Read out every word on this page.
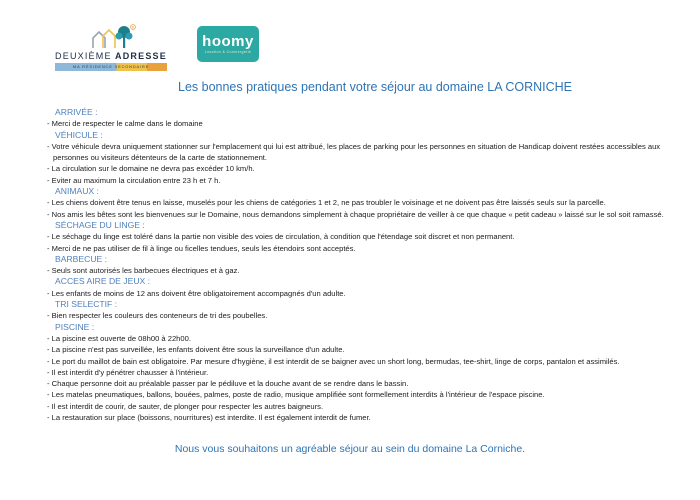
R
DEUXIÈME ADRESSE
MA RÉSIDENCE SECONDAIRE
hoomy
Location & Conciergerie
Les bonnes pratiques pendant votre séjour au domaine LA CORNICHE
ARRIVÉE :
- Merci de respecter le calme dans le domaine
VÉHICULE :
- Votre véhicule devra uniquement stationner sur l'emplacement qui lui est attribué, les places de parking pour les personnes en situation de Handicap doivent restées accessibles aux personnes ou visiteurs détenteurs de la carte de stationnement.
- La circulation sur le domaine ne devra pas excéder 10 km/h.
- Eviter au maximum la circulation entre 23 h et 7 h.
ANIMAUX :
- Les chiens doivent être tenus en laisse, muselés pour les chiens de catégories 1 et 2, ne pas troubler le voisinage et ne doivent pas être laissés seuls sur la parcelle.
- Nos amis les bêtes sont les bienvenues sur le Domaine, nous demandons simplement à chaque propriétaire de veiller à ce que chaque « petit cadeau » laissé sur le sol soit ramassé.
SÉCHAGE DU LINGE :
- Le séchage du linge est toléré dans la partie non visible des voies de circulation, à condition que l'étendage soit discret et non permanent.
- Merci de ne pas utiliser de fil à linge ou ficelles tendues, seuls les étendoirs sont acceptés.
BARBECUE :
- Seuls sont autorisés les barbecues électriques et à gaz.
ACCES AIRE DE JEUX :
- Les enfants de moins de 12 ans doivent être obligatoirement accompagnés d'un adulte.
TRI SELECTIF :
- Bien respecter les couleurs des conteneurs de tri des poubelles.
PISCINE :
- La piscine est ouverte de 08h00 à 22h00.
- La piscine n'est pas surveillée, les enfants doivent être sous la surveillance d'un adulte.
- Le port du maillot de bain est obligatoire. Par mesure d'hygiène, il est interdit de se baigner avec un short long, bermudas, tee-shirt, linge de corps, pantalon et assimilés.
- Il est interdit d'y pénétrer chausser à l'intérieur.
- Chaque personne doit au préalable passer par le pédiluve et la douche avant de se rendre dans le bassin.
- Les matelas pneumatiques, ballons, bouées, palmes, poste de radio, musique amplifiée sont formellement interdits à l'intérieur de l'espace piscine.
- Il est interdit de courir, de sauter, de plonger pour respecter les autres baigneurs.
- La restauration sur place (boissons, nourritures) est interdite. Il est également interdit de fumer.
Nous vous souhaitons un agréable séjour au sein du domaine La Corniche.
